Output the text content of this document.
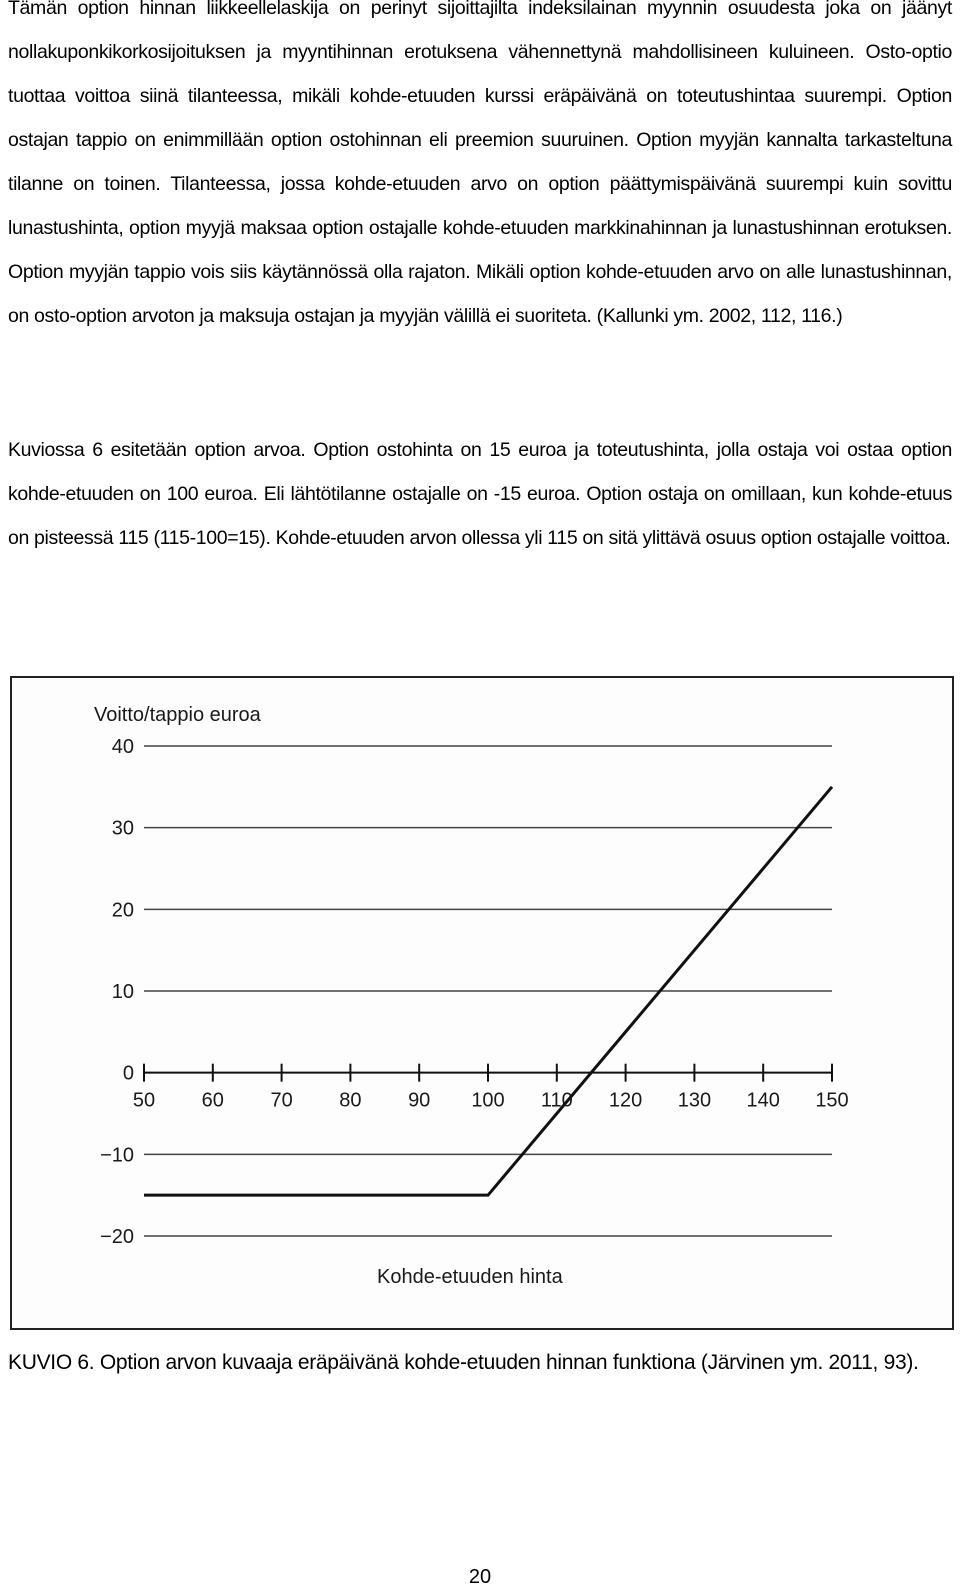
Tämän option hinnan liikkeellelaskija on perinyt sijoittajilta indeksilainan myynnin osuudesta joka on jäänyt nollakuponkikorkosijoituksen ja myyntihinnan erotuksena vähennettynä mahdollisineen kuluineen. Osto-optio tuottaa voittoa siinä tilanteessa, mikäli kohde-etuuden kurssi eräpäivänä on toteutushintaa suurempi. Option ostajan tappio on enimmillään option ostohinnan eli preemion suuruinen. Option myyjän kannalta tarkasteltuna tilanne on toinen. Tilanteessa, jossa kohde-etuuden arvo on option päättymispäivänä suurempi kuin sovittu lunastushinta, option myyjä maksaa option ostajalle kohde-etuuden markkinahinnan ja lunastushinnan erotuksen. Option myyjän tappio vois siis käytännössä olla rajaton. Mikäli option kohde-etuuden arvo on alle lunastushinnan, on osto-option arvoton ja maksuja ostajan ja myyjän välillä ei suoriteta. (Kallunki ym. 2002, 112, 116.)

Kuviossa 6 esitetään option arvoa. Option ostohinta on 15 euroa ja toteutushinta, jolla ostaja voi ostaa option kohde-etuuden on 100 euroa. Eli lähtötilanne ostajalle on -15 euroa. Option ostaja on omillaan, kun kohde-etuus on pisteessä 115 (115-100=15). Kohde-etuuden arvon ollessa yli 115 on sitä ylittävä osuus option ostajalle voittoa.

Voitto/tappio euroa
Kohde-etuuden hinta
40
30
20
10
0
−10
−20
50 60 70 80 90 100 110 120 130 140 150

KUVIO 6. Option arvon kuvaaja eräpäivänä kohde-etuuden hinnan funktiona (Järvinen ym. 2011, 93).

20
